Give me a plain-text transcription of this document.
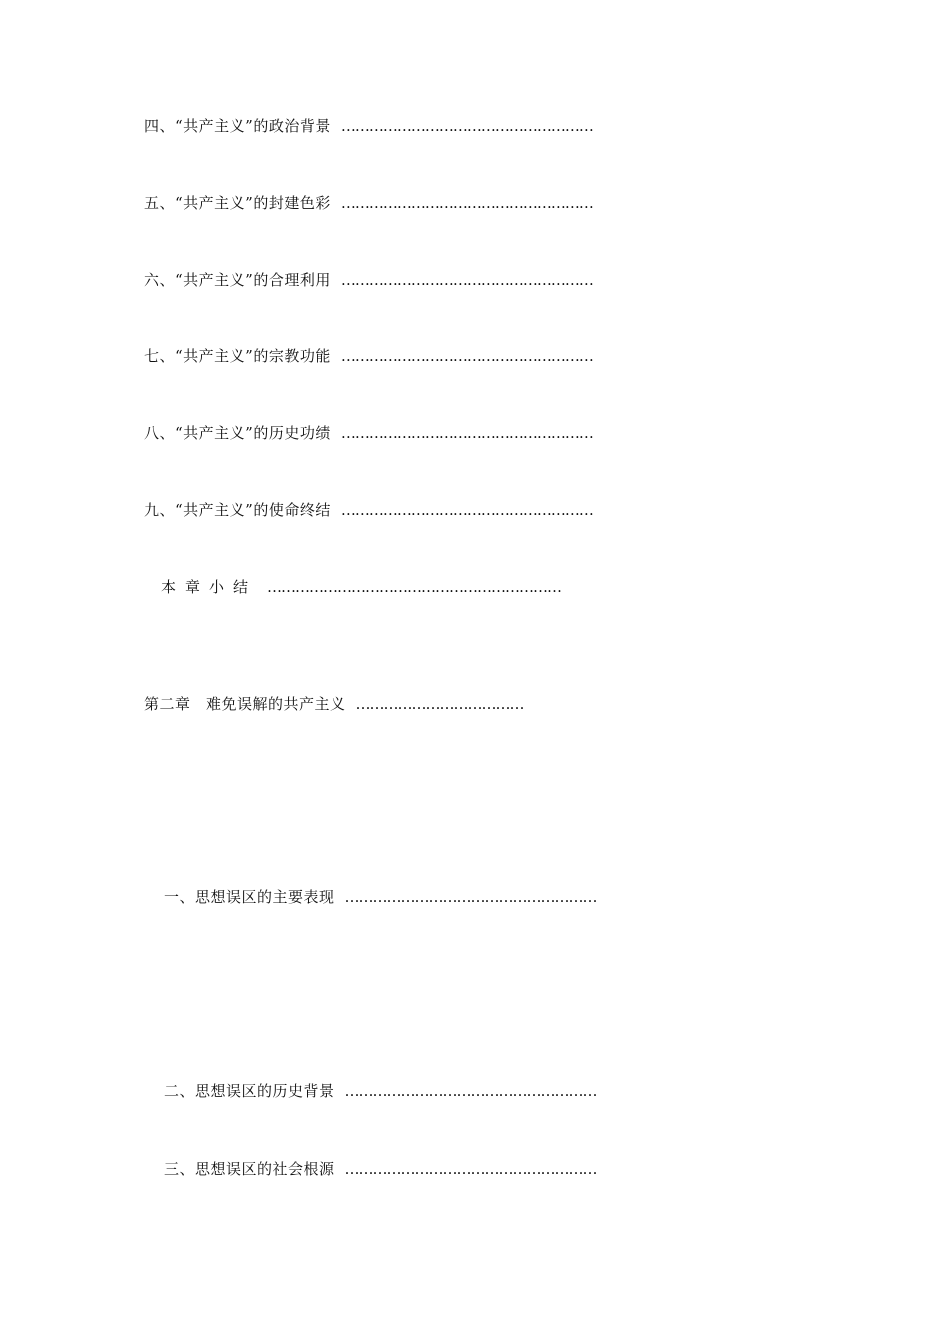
四、“共产主义”的政治背景 ………………………………………………
五、“共产主义”的封建色彩 ………………………………………………
六、“共产主义”的合理利用 ………………………………………………
七、“共产主义”的宗教功能 ………………………………………………
八、“共产主义”的历史功绩 ………………………………………………
九、“共产主义”的使命终结 ………………………………………………
本章小结 ………………………………………………………
第二章　难免误解的共产主义 ………………………………
一、思想误区的主要表现 ………………………………………………
二、思想误区的历史背景 ………………………………………………
三、思想误区的社会根源 ………………………………………………
